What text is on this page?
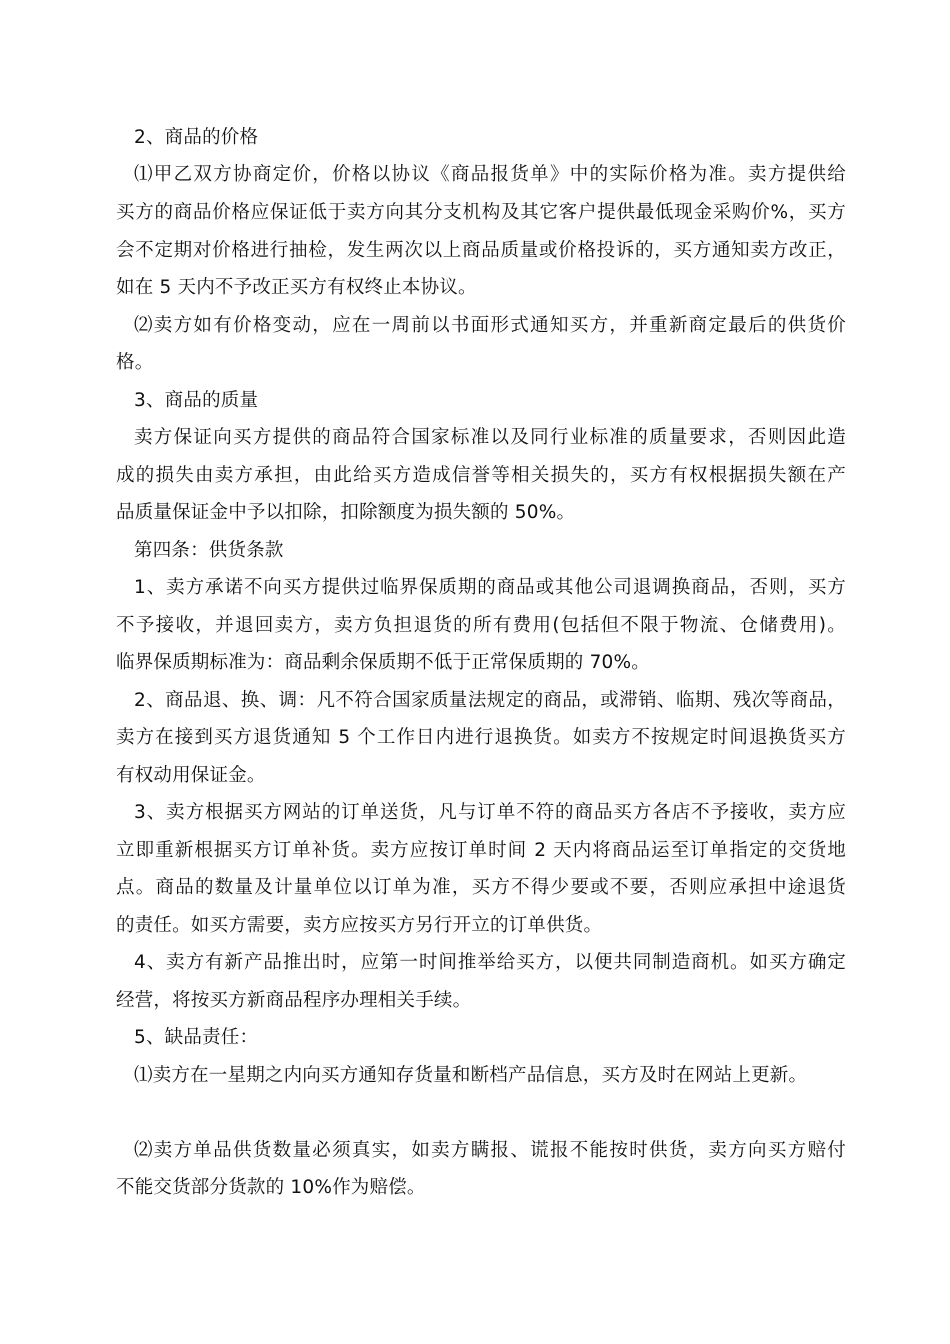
2、商品的价格
⑴甲乙双方协商定价，价格以协议《商品报货单》中的实际价格为准。卖方提供给
买方的商品价格应保证低于卖方向其分支机构及其它客户提供最低现金采购价%，买方
会不定期对价格进行抽检，发生两次以上商品质量或价格投诉的，买方通知卖方改正，
如在 5 天内不予改正买方有权终止本协议。
⑵卖方如有价格变动，应在一周前以书面形式通知买方，并重新商定最后的供货价
格。
3、商品的质量
卖方保证向买方提供的商品符合国家标准以及同行业标准的质量要求，否则因此造
成的损失由卖方承担，由此给买方造成信誉等相关损失的，买方有权根据损失额在产
品质量保证金中予以扣除，扣除额度为损失额的 50%。
第四条：供货条款
1、卖方承诺不向买方提供过临界保质期的商品或其他公司退调换商品，否则，买方
不予接收，并退回卖方，卖方负担退货的所有费用(包括但不限于物流、仓储费用)。
临界保质期标准为：商品剩余保质期不低于正常保质期的 70%。
2、商品退、换、调：凡不符合国家质量法规定的商品，或滞销、临期、残次等商品，
卖方在接到买方退货通知 5 个工作日内进行退换货。如卖方不按规定时间退换货买方
有权动用保证金。
3、卖方根据买方网站的订单送货，凡与订单不符的商品买方各店不予接收，卖方应
立即重新根据买方订单补货。卖方应按订单时间 2 天内将商品运至订单指定的交货地
点。商品的数量及计量单位以订单为准，买方不得少要或不要，否则应承担中途退货
的责任。如买方需要，卖方应按买方另行开立的订单供货。
4、卖方有新产品推出时，应第一时间推举给买方，以便共同制造商机。如买方确定
经营，将按买方新商品程序办理相关手续。
5、缺品责任：
⑴卖方在一星期之内向买方通知存货量和断档产品信息，买方及时在网站上更新。
⑵卖方单品供货数量必须真实，如卖方瞒报、谎报不能按时供货，卖方向买方赔付
不能交货部分货款的 10%作为赔偿。
